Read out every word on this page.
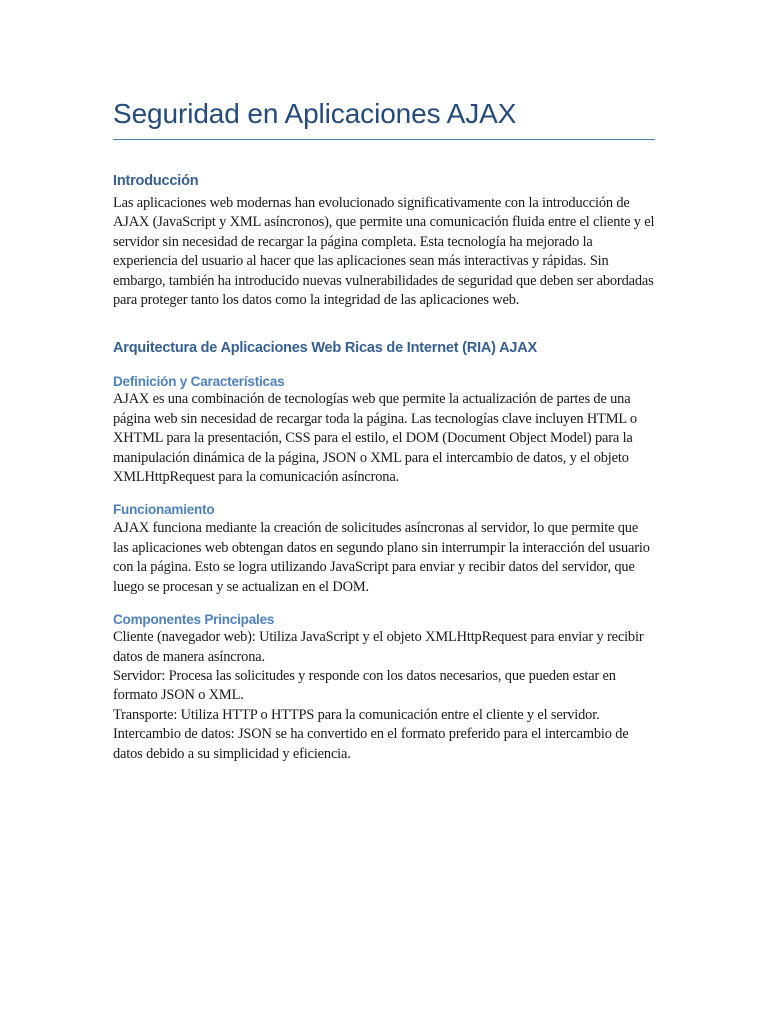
Seguridad en Aplicaciones AJAX
Introducción

Las aplicaciones web modernas han evolucionado significativamente con la introducción de AJAX (JavaScript y XML asíncronos), que permite una comunicación fluida entre el cliente y el servidor sin necesidad de recargar la página completa. Esta tecnología ha mejorado la experiencia del usuario al hacer que las aplicaciones sean más interactivas y rápidas. Sin embargo, también ha introducido nuevas vulnerabilidades de seguridad que deben ser abordadas para proteger tanto los datos como la integridad de las aplicaciones web.

Arquitectura de Aplicaciones Web Ricas de Internet (RIA) AJAX
Definición y Características

AJAX es una combinación de tecnologías web que permite la actualización de partes de una página web sin necesidad de recargar toda la página. Las tecnologías clave incluyen HTML o XHTML para la presentación, CSS para el estilo, el DOM (Document Object Model) para la manipulación dinámica de la página, JSON o XML para el intercambio de datos, y el objeto XMLHttpRequest para la comunicación asíncrona.

Funcionamiento

AJAX funciona mediante la creación de solicitudes asíncronas al servidor, lo que permite que las aplicaciones web obtengan datos en segundo plano sin interrumpir la interacción del usuario con la página. Esto se logra utilizando JavaScript para enviar y recibir datos del servidor, que luego se procesan y se actualizan en el DOM.

Componentes Principales

Cliente (navegador web): Utiliza JavaScript y el objeto XMLHttpRequest para enviar y recibir datos de manera asíncrona.

Servidor: Procesa las solicitudes y responde con los datos necesarios, que pueden estar en formato JSON o XML.

Transporte: Utiliza HTTP o HTTPS para la comunicación entre el cliente y el servidor.

Intercambio de datos: JSON se ha convertido en el formato preferido para el intercambio de datos debido a su simplicidad y eficiencia.
